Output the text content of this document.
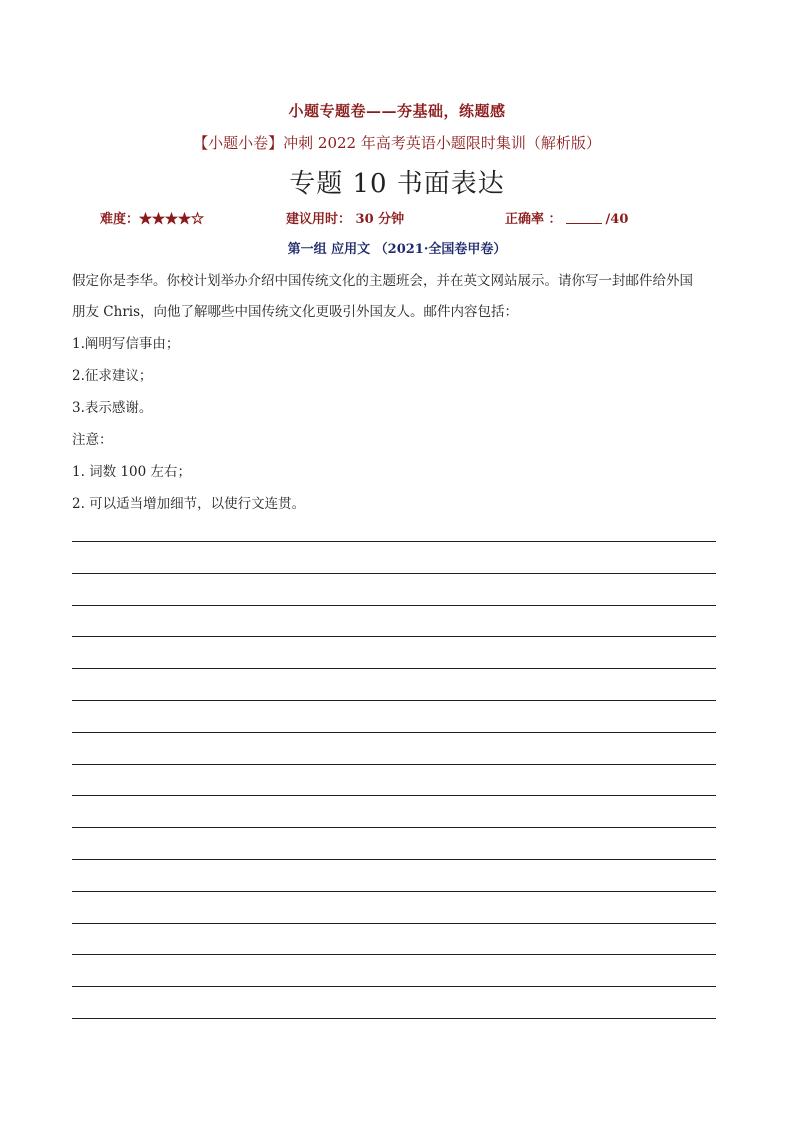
小题专题卷——夯基础，练题感
【小题小卷】冲刺 2022 年高考英语小题限时集训（解析版）
专题 10 书面表达
难度：★★★★☆	建议用时： 30 分钟	正确率 ：	/40
第一组 应用文 （2021·全国卷甲卷）
假定你是李华。你校计划举办介绍中国传统文化的主题班会，并在英文网站展示。请你写一封邮件给外国
朋友 Chris，向他了解哪些中国传统文化更吸引外国友人。邮件内容包括：
1.阐明写信事由；
2.征求建议；
3.表示感谢。
注意：
1. 词数 100 左右；
2. 可以适当增加细节，以使行文连贯。
